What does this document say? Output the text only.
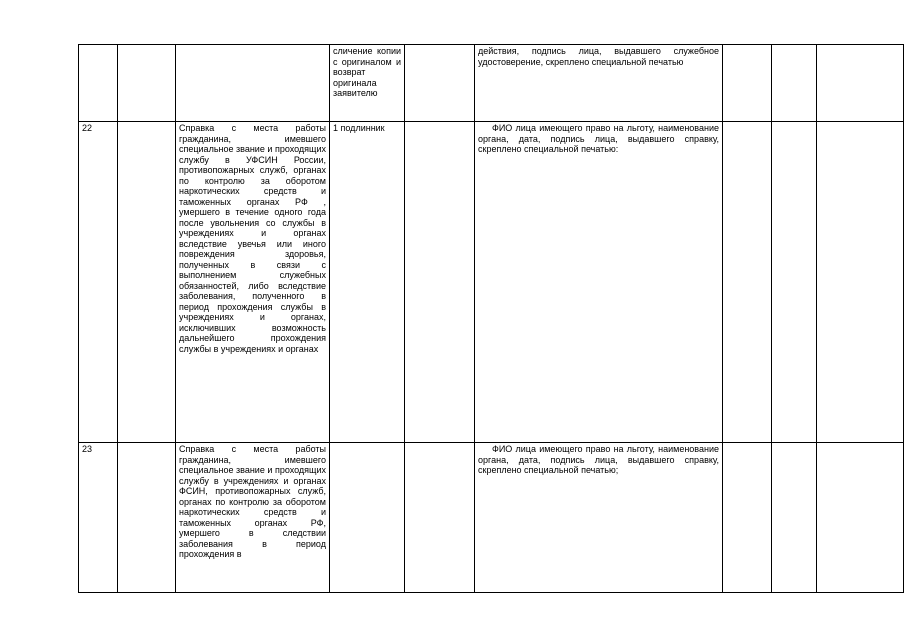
			сличение копии с оригиналом и возврат оригинала заявителю		действия, подпись лица, выдавшего служебное удостоверение, скреплено специальной печатью			
22		Справка с места работы гражданина, имевшего специальное звание и проходящих службу в УФСИН России, противопожарных служб, органах по контролю за оборотом наркотических средств и таможенных органах РФ , умершего в течение одного года после увольнения со службы в учреждениях и органах вследствие увечья или иного повреждения здоровья, полученных в связи с выполнением служебных обязанностей, либо вследствие заболевания, полученного в период прохождения службы в учреждениях и органах, исключивших возможность дальнейшего прохождения службы в учреждениях и органах	1 подлинник		ФИО лица имеющего право на льготу, наименование органа, дата, подпись лица, выдавшего справку, скреплено специальной печатью:			
23		Справка с места работы гражданина, имевшего специальное звание и проходящих службу в учреждениях и органах ФСИН, противопожарных служб, органах по контролю за оборотом наркотических средств и таможенных органах РФ, умершего в следствии заболевания в период прохождения в			ФИО лица имеющего право на льготу, наименование органа, дата, подпись лица, выдавшего справку, скреплено специальной печатью;			
